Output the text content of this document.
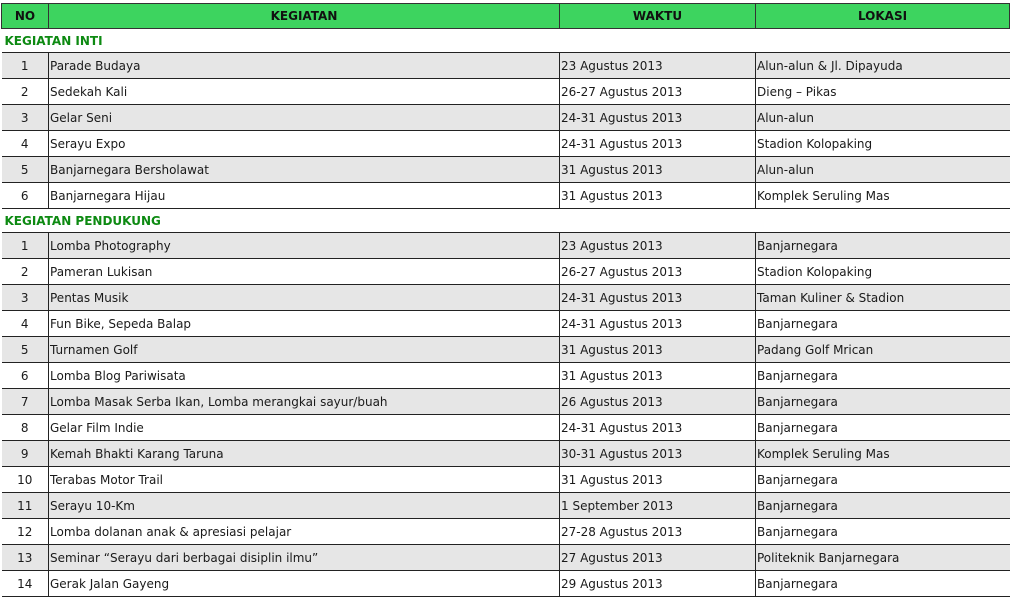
NO	KEGIATAN	WAKTU	LOKASI
KEGIATAN INTI			
1	Parade Budaya	23 Agustus 2013	Alun-alun & Jl. Dipayuda
2	Sedekah Kali	26-27 Agustus 2013	Dieng – Pikas
3	Gelar Seni	24-31 Agustus 2013	Alun-alun
4	Serayu Expo	24-31 Agustus 2013	Stadion Kolopaking
5	Banjarnegara Bersholawat	31 Agustus 2013	Alun-alun
6	Banjarnegara Hijau	31 Agustus 2013	Komplek Seruling Mas
KEGIATAN PENDUKUNG			
1	Lomba Photography	23 Agustus 2013	Banjarnegara
2	Pameran Lukisan	26-27 Agustus 2013	Stadion Kolopaking
3	Pentas Musik	24-31 Agustus 2013	Taman Kuliner & Stadion
4	Fun Bike, Sepeda Balap	24-31 Agustus 2013	Banjarnegara
5	Turnamen Golf	31 Agustus 2013	Padang Golf Mrican
6	Lomba Blog Pariwisata	31 Agustus 2013	Banjarnegara
7	Lomba Masak Serba Ikan, Lomba merangkai sayur/buah	26 Agustus 2013	Banjarnegara
8	Gelar Film Indie	24-31 Agustus 2013	Banjarnegara
9	Kemah Bhakti Karang Taruna	30-31 Agustus 2013	Komplek Seruling Mas
10	Terabas Motor Trail	31 Agustus 2013	Banjarnegara
11	Serayu 10-Km	1 September 2013	Banjarnegara
12	Lomba dolanan anak & apresiasi pelajar	27-28 Agustus 2013	Banjarnegara
13	Seminar “Serayu dari berbagai disiplin ilmu”	27 Agustus 2013	Politeknik Banjarnegara
14	Gerak Jalan Gayeng	29 Agustus 2013	Banjarnegara
